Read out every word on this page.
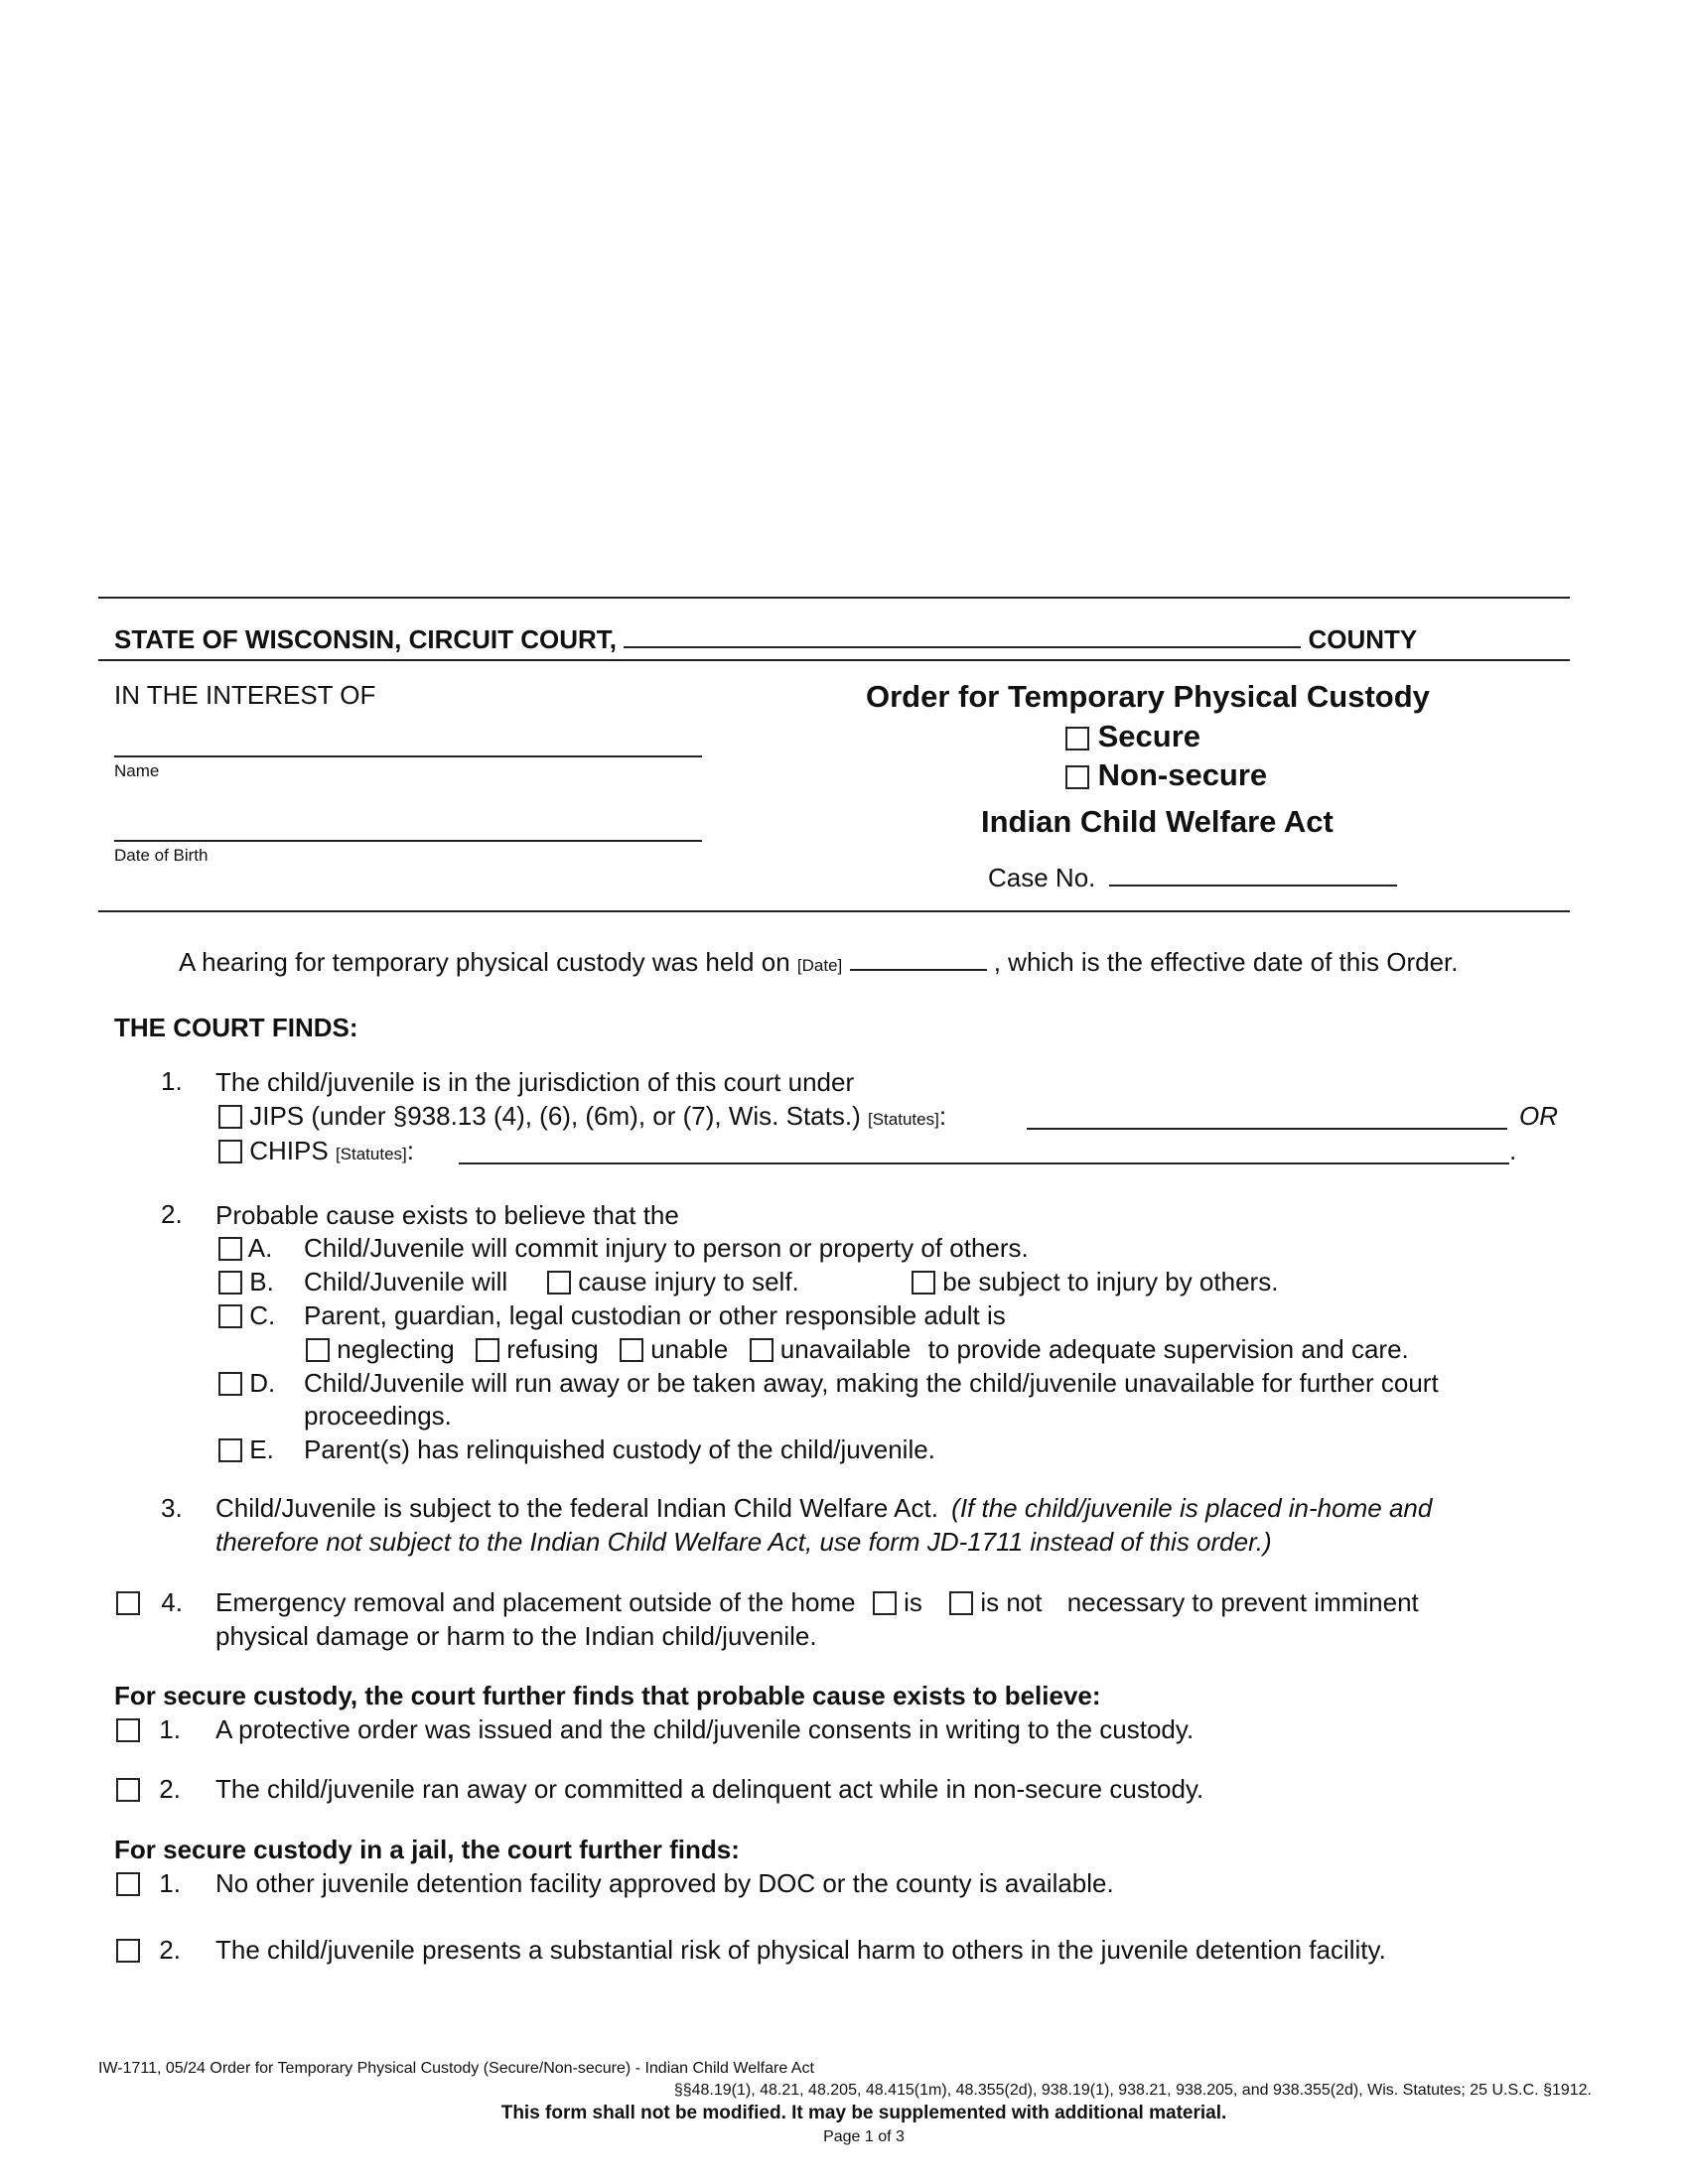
STATE OF WISCONSIN, CIRCUIT COURT,	COUNTY
IN THE INTEREST OF
Name
Date of Birth
Order for Temporary Physical Custody
Secure
Non-secure
Indian Child Welfare Act
Case No.
A hearing for temporary physical custody was held on [Date]	, which is the effective date of this Order.
THE COURT FINDS:
1. The child/juvenile is in the jurisdiction of this court under
JIPS (under §938.13 (4), (6), (6m), or (7), Wis. Stats.) [Statutes]:	OR
CHIPS [Statutes]:	.
2. Probable cause exists to believe that the
A. Child/Juvenile will commit injury to person or property of others.
B. Child/Juvenile will	cause injury to self.	be subject to injury by others.
C. Parent, guardian, legal custodian or other responsible adult is
neglecting refusing unable unavailable to provide adequate supervision and care.
D. Child/Juvenile will run away or be taken away, making the child/juvenile unavailable for further court
proceedings.
E. Parent(s) has relinquished custody of the child/juvenile.
3. Child/Juvenile is subject to the federal Indian Child Welfare Act. (If the child/juvenile is placed in-home and
therefore not subject to the Indian Child Welfare Act, use form JD-1711 instead of this order.)
4. Emergency removal and placement outside of the home is is not necessary to prevent imminent
physical damage or harm to the Indian child/juvenile.
For secure custody, the court further finds that probable cause exists to believe:
1. A protective order was issued and the child/juvenile consents in writing to the custody.
2. The child/juvenile ran away or committed a delinquent act while in non-secure custody.
For secure custody in a jail, the court further finds:
1. No other juvenile detention facility approved by DOC or the county is available.
2. The child/juvenile presents a substantial risk of physical harm to others in the juvenile detention facility.
IW-1711, 05/24 Order for Temporary Physical Custody (Secure/Non-secure) - Indian Child Welfare Act
§§48.19(1), 48.21, 48.205, 48.415(1m), 48.355(2d), 938.19(1), 938.21, 938.205, and 938.355(2d), Wis. Statutes; 25 U.S.C. §1912.
This form shall not be modified. It may be supplemented with additional material.
Page 1 of 3
